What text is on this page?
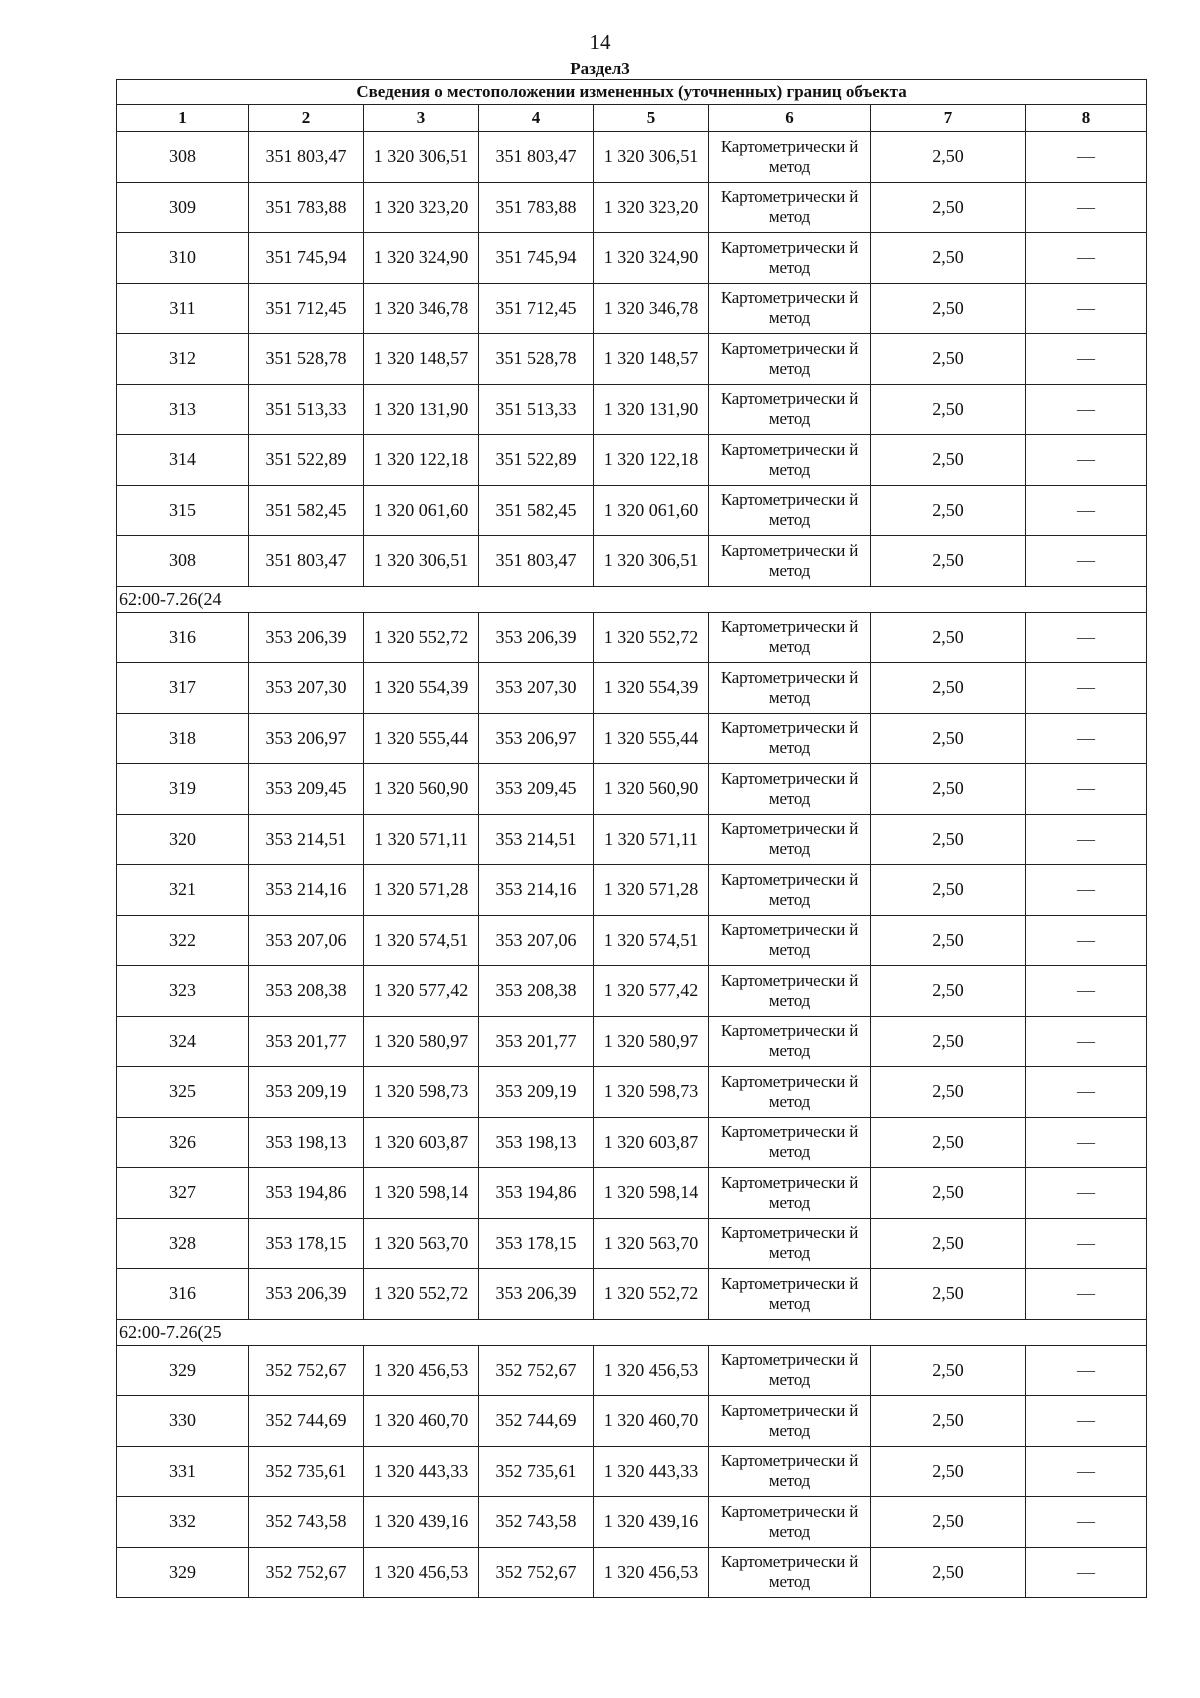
14
Раздел3
Сведения о местоположении измененных (уточненных) границ объекта							
1	2	3	4	5	6	7	8
308	351 803,47	1 320 306,51	351 803,47	1 320 306,51	Картометрически й метод	2,50	—
309	351 783,88	1 320 323,20	351 783,88	1 320 323,20	Картометрически й метод	2,50	—
310	351 745,94	1 320 324,90	351 745,94	1 320 324,90	Картометрически й метод	2,50	—
311	351 712,45	1 320 346,78	351 712,45	1 320 346,78	Картометрически й метод	2,50	—
312	351 528,78	1 320 148,57	351 528,78	1 320 148,57	Картометрически й метод	2,50	—
313	351 513,33	1 320 131,90	351 513,33	1 320 131,90	Картометрически й метод	2,50	—
314	351 522,89	1 320 122,18	351 522,89	1 320 122,18	Картометрически й метод	2,50	—
315	351 582,45	1 320 061,60	351 582,45	1 320 061,60	Картометрически й метод	2,50	—
308	351 803,47	1 320 306,51	351 803,47	1 320 306,51	Картометрически й метод	2,50	—
62:00-7.26(24							
316	353 206,39	1 320 552,72	353 206,39	1 320 552,72	Картометрически й метод	2,50	—
317	353 207,30	1 320 554,39	353 207,30	1 320 554,39	Картометрически й метод	2,50	—
318	353 206,97	1 320 555,44	353 206,97	1 320 555,44	Картометрически й метод	2,50	—
319	353 209,45	1 320 560,90	353 209,45	1 320 560,90	Картометрически й метод	2,50	—
320	353 214,51	1 320 571,11	353 214,51	1 320 571,11	Картометрически й метод	2,50	—
321	353 214,16	1 320 571,28	353 214,16	1 320 571,28	Картометрически й метод	2,50	—
322	353 207,06	1 320 574,51	353 207,06	1 320 574,51	Картометрически й метод	2,50	—
323	353 208,38	1 320 577,42	353 208,38	1 320 577,42	Картометрически й метод	2,50	—
324	353 201,77	1 320 580,97	353 201,77	1 320 580,97	Картометрически й метод	2,50	—
325	353 209,19	1 320 598,73	353 209,19	1 320 598,73	Картометрически й метод	2,50	—
326	353 198,13	1 320 603,87	353 198,13	1 320 603,87	Картометрически й метод	2,50	—
327	353 194,86	1 320 598,14	353 194,86	1 320 598,14	Картометрически й метод	2,50	—
328	353 178,15	1 320 563,70	353 178,15	1 320 563,70	Картометрически й метод	2,50	—
316	353 206,39	1 320 552,72	353 206,39	1 320 552,72	Картометрически й метод	2,50	—
62:00-7.26(25							
329	352 752,67	1 320 456,53	352 752,67	1 320 456,53	Картометрически й метод	2,50	—
330	352 744,69	1 320 460,70	352 744,69	1 320 460,70	Картометрически й метод	2,50	—
331	352 735,61	1 320 443,33	352 735,61	1 320 443,33	Картометрически й метод	2,50	—
332	352 743,58	1 320 439,16	352 743,58	1 320 439,16	Картометрически й метод	2,50	—
329	352 752,67	1 320 456,53	352 752,67	1 320 456,53	Картометрически й метод	2,50	—
